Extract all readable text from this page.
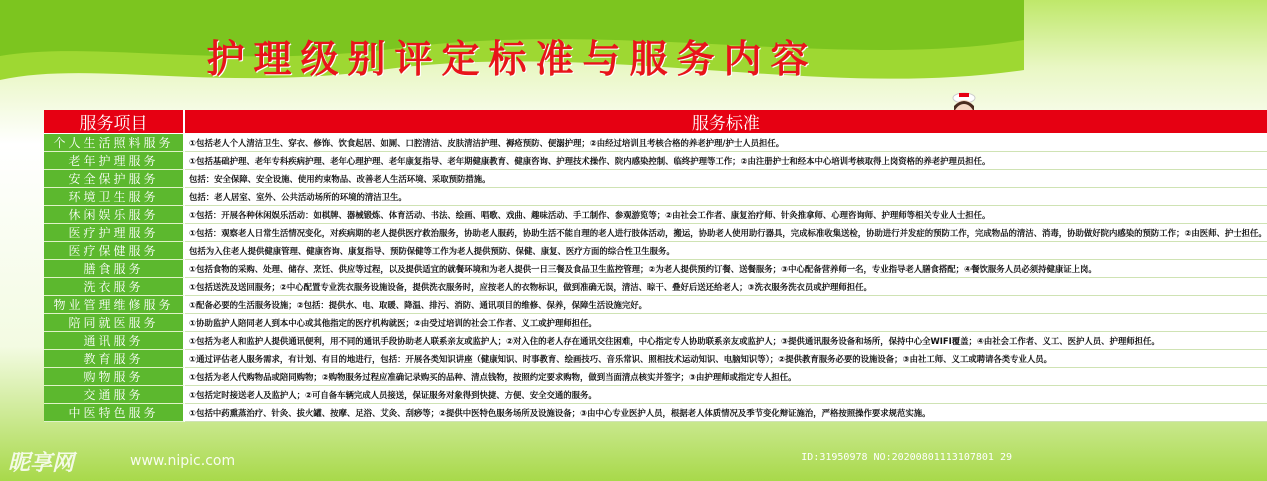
护理级别评定标准与服务内容
服务项目	服务标准
个人生活照料服务	①包括老人个人清洁卫生、穿衣、修饰、饮食起居、如厕、口腔清洁、皮肤清洁护理、褥疮预防、便溺护理；②由经过培训且考核合格的养老护理/护士人员担任。
老年护理服务	①包括基础护理、老年专科疾病护理、老年心理护理、老年康复指导、老年期健康教育、健康咨询、护理技术操作、院内感染控制、临终护理等工作；②由注册护士和经本中心培训考核取得上岗资格的养老护理员担任。
安全保护服务	包括：安全保障、安全设施、使用约束物品、改善老人生活环境、采取预防措施。
环境卫生服务	包括：老人居室、室外、公共活动场所的环境的清洁卫生。
休闲娱乐服务	①包括：开展各种休闲娱乐活动：如棋牌、器械锻炼、体育活动、书法、绘画、唱歌、戏曲、趣味活动、手工制作、参观游览等；②由社会工作者、康复治疗师、针灸推拿师、心理咨询师、护理师等相关专业人士担任。
医疗护理服务	①包括：观察老人日常生活情况变化，对疾病期的老人提供医疗救治服务，协助老人服药，协助生活不能自理的老人进行肢体活动，搬运，协助老人使用助行器具，完成标准收集送检，协助进行并发症的预防工作，完成物品的清洁、消毒，协助做好院内感染的预防工作；②由医师、护士担任。
医疗保健服务	包括为入住老人提供健康管理、健康咨询、康复指导、预防保健等工作为老人提供预防、保健、康复、医疗方面的综合性卫生服务。
膳食服务	①包括食物的采购、处理、储存、烹饪、供应等过程，以及提供适宜的就餐环境和为老人提供一日三餐及食品卫生监控管理；②为老人提供预约订餐、送餐服务；③中心配备营养师一名，专业指导老人膳食搭配；④餐饮服务人员必须持健康证上岗。
洗衣服务	①包括送洗及送回服务；②中心配置专业洗衣服务设施设备，提供洗衣服务时，应按老人的衣物标识，做到准确无误，清洁、晾干、叠好后送还给老人；③洗衣服务洗衣员或护理师担任。
物业管理维修服务	①配备必要的生活服务设施；②包括：提供水、电、取暖、降温、排污、消防、通讯项目的维修、保养，保障生活设施完好。
陪同就医服务	①协助监护人陪同老人到本中心或其他指定的医疗机构就医；②由受过培训的社会工作者、义工或护理师担任。
通讯服务	①包括为老人和监护人提供通讯便利，用不同的通讯手段协助老人联系亲友或监护人；②对入住的老人存在通讯交往困难，中心指定专人协助联系亲友或监护人；③提供通讯服务设备和场所，保持中心全WIFI覆盖；④由社会工作者、义工、医护人员、护理师担任。
教育服务	①通过评估老人服务需求，有计划、有目的地进行，包括：开展各类知识讲座（健康知识、时事教育、绘画技巧、音乐常识、照相技术运动知识、电脑知识等）；②提供教育服务必要的设施设备；③由社工师、义工或聘请各类专业人员。
购物服务	①包括为老人代购物品或陪同购物；②购物服务过程应准确记录购买的品种、清点钱物，按照约定要求购物，做到当面清点核实并签字；③由护理师或指定专人担任。
交通服务	①包括定时接送老人及监护人；②可自备车辆完成人员接送，保证服务对象得到快捷、方便、安全交通的服务。
中医特色服务	①包括中药熏蒸治疗、针灸、拔火罐、按摩、足浴、艾灸、刮痧等；②提供中医特色服务场所及设施设备；③由中心专业医护人员，根据老人体质情况及季节变化辩证施治，严格按照操作要求规范实施。
昵享网	www.nipic.com	ID:31950978 NO:20200801113107801 29
